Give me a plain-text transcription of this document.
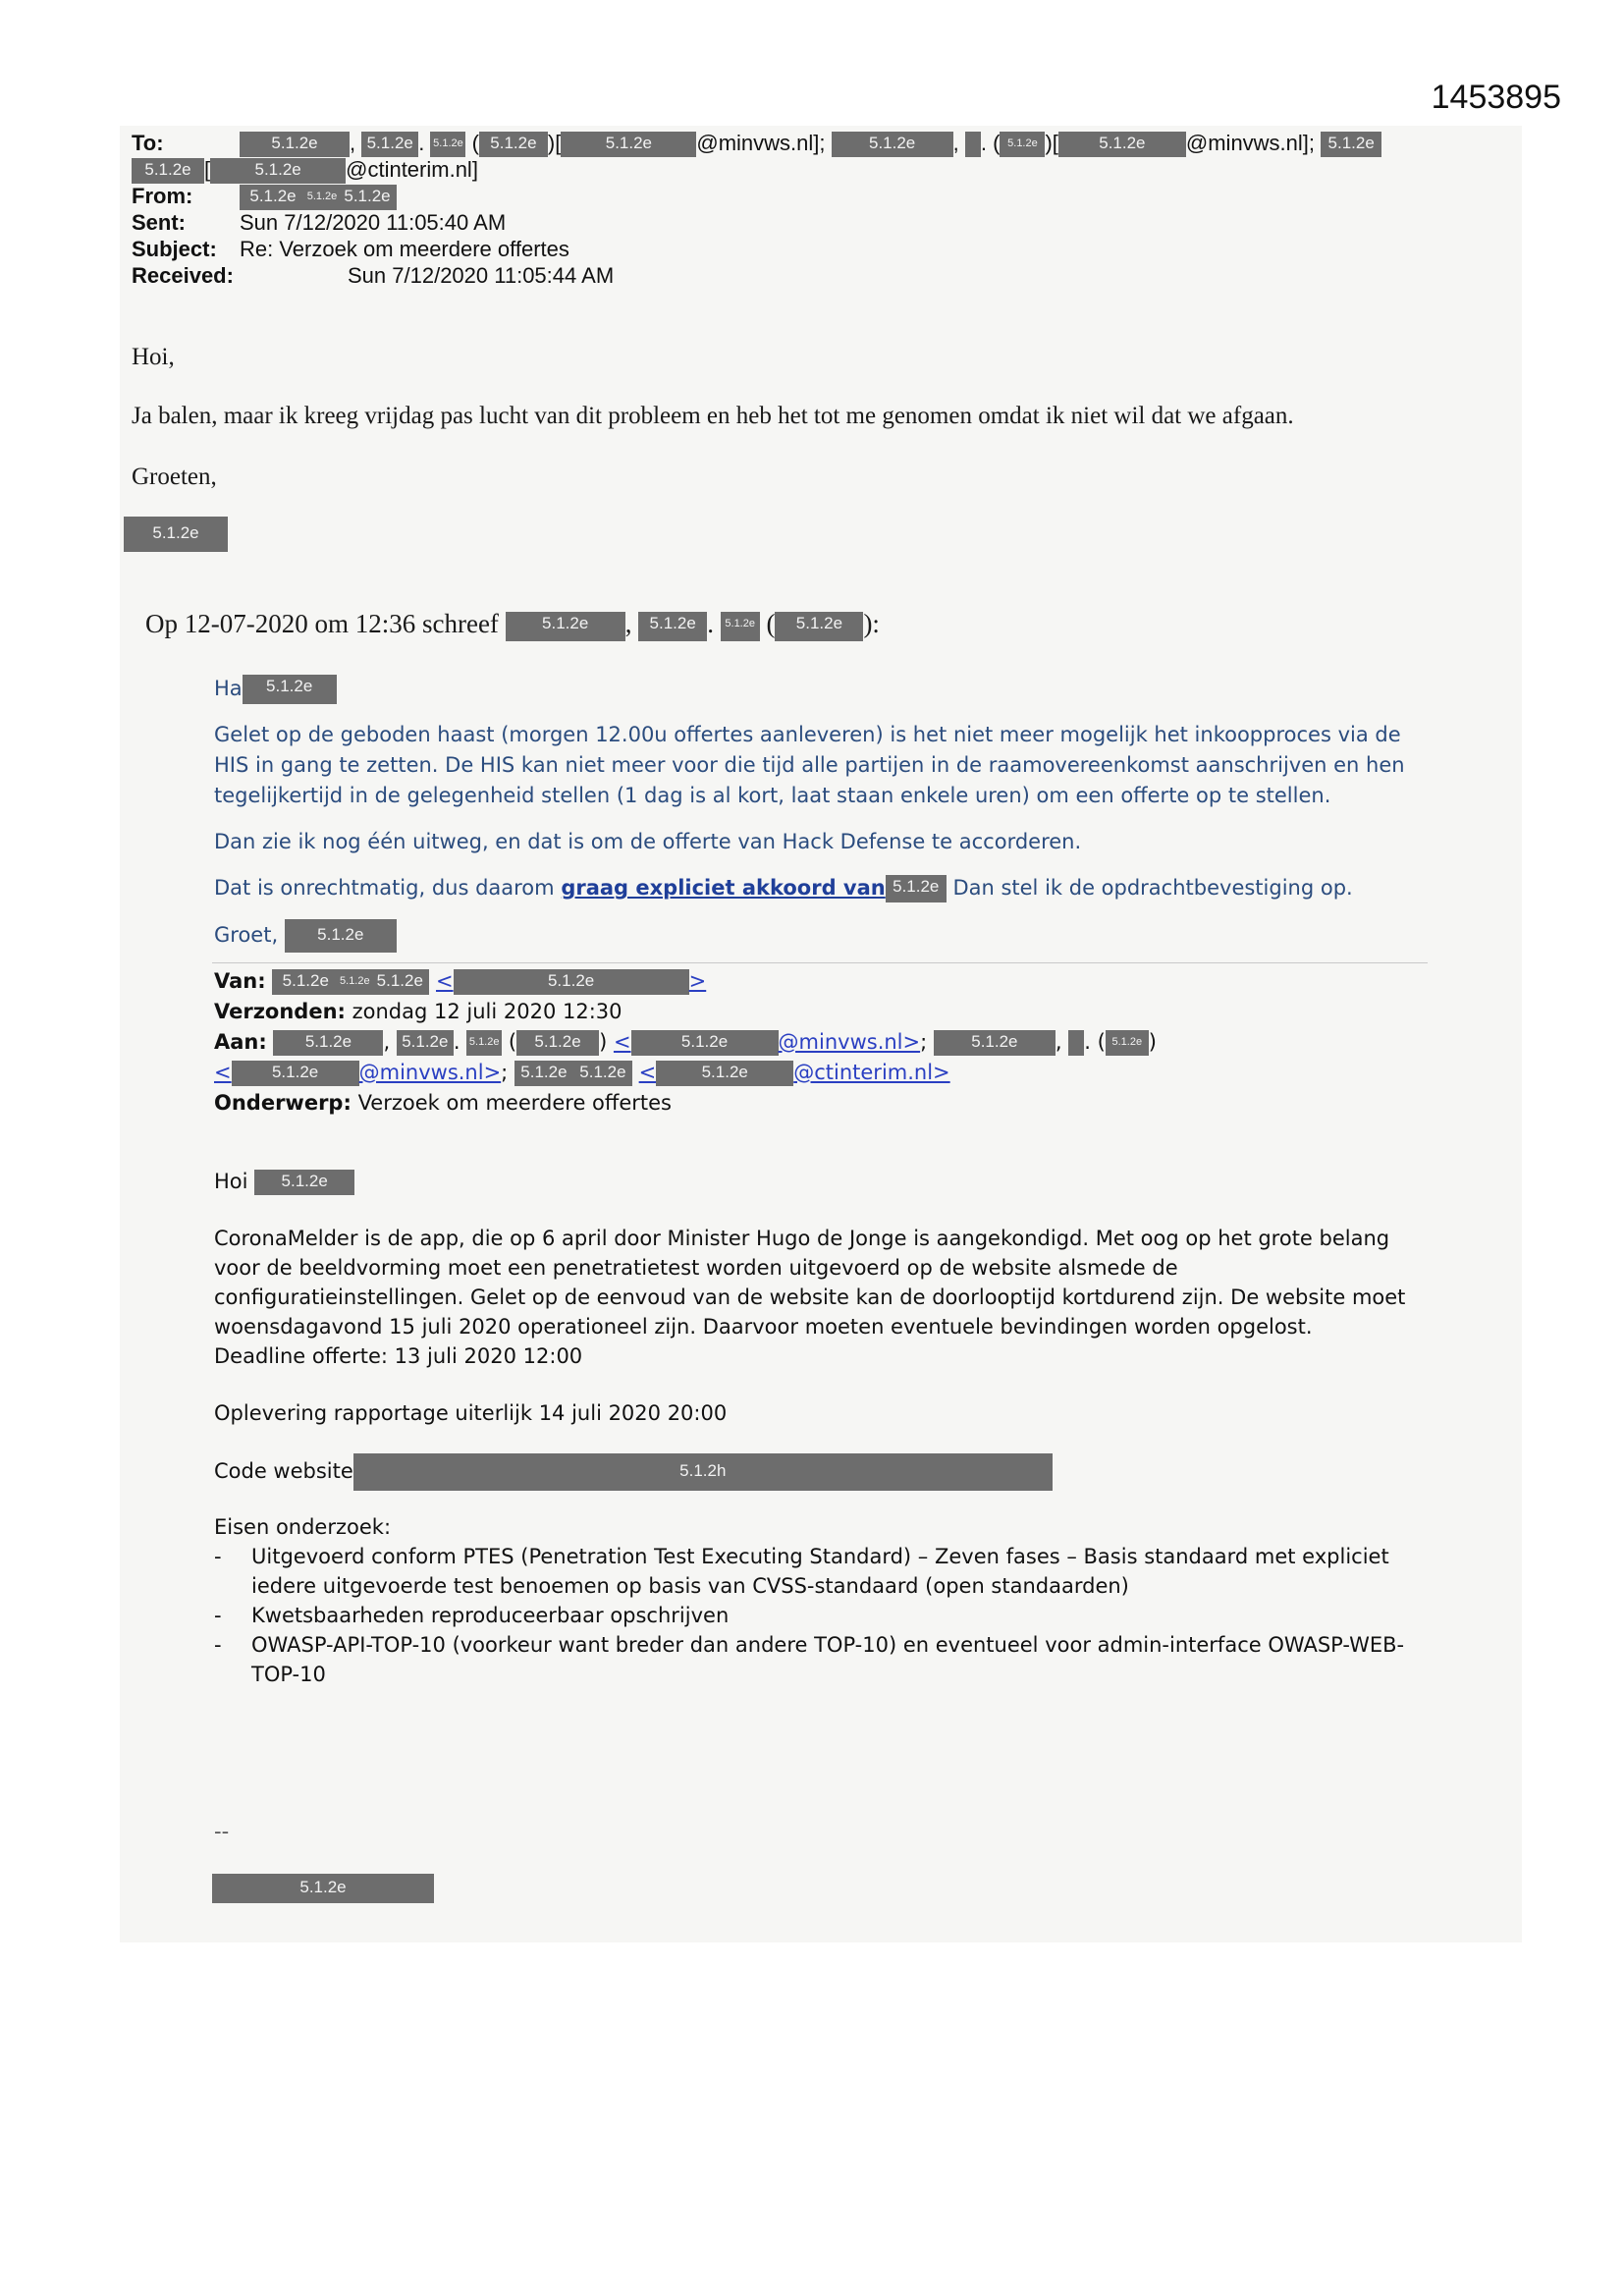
1453895
To:	5.1.2e , 5.1.2e . 5.1.2e ( 5.1.2e )[	5.1.2e @minvws.nl];	5.1.2e , . ( 5.1.2e )[ 5.1.2e @minvws.nl]; 5.1.2e
5.1.2e [	5.1.2e @ctinterim.nl]
From:	5.1.2e 5.1.2e 5.1.2e
Sent:	Sun 7/12/2020 11:05:40 AM
Subject: Re: Verzoek om meerdere offertes
Received:	Sun 7/12/2020 11:05:44 AM
Hoi,
Ja balen, maar ik kreeg vrijdag pas lucht van dit probleem en heb het tot me genomen omdat ik niet wil dat we afgaan.
Groeten,
5.1.2e
Op 12-07-2020 om 12:36 schreef	5.1.2e , 5.1.2e . 5.1.2e ( 5.1.2e ):
Ha 5.1.2e
Gelet op de geboden haast (morgen 12.00u offertes aanleveren) is het niet meer mogelijk het inkoopproces via de HIS in gang te zetten. De HIS kan niet meer voor die tijd alle partijen in de raamovereenkomst aanschrijven en hen tegelijkertijd in de gelegenheid stellen (1 dag is al kort, laat staan enkele uren) om een offerte op te stellen.
Dan zie ik nog één uitweg, en dat is om de offerte van Hack Defense te accorderen.
Dat is onrechtmatig, dus daarom graag expliciet akkoord van 5.1.2e Dan stel ik de opdrachtbevestiging op.
Groet, 5.1.2e
Van: 5.1.2e 5.1.2e 5.1.2e <	5.1.2e	>
Verzonden: zondag 12 juli 2020 12:30
Aan: 5.1.2e , 5.1.2e . 5.1.2e ( 5.1.2e ) <	5.1.2e @minvws.nl>; 5.1.2e , . ( 5.1.2e )
< 5.1.2e @minvws.nl>; 5.1.2e 5.1.2e <	5.1.2e @ctinterim.nl>
Onderwerp: Verzoek om meerdere offertes
Hoi 5.1.2e
CoronaMelder is de app, die op 6 april door Minister Hugo de Jonge is aangekondigd. Met oog op het grote belang voor de beeldvorming moet een penetratietest worden uitgevoerd op de website alsmede de configuratieinstellingen. Gelet op de eenvoud van de website kan de doorlooptijd kortdurend zijn. De website moet woensdagavond 15 juli 2020 operationeel zijn. Daarvoor moeten eventuele bevindingen worden opgelost.
Deadline offerte: 13 juli 2020 12:00
Oplevering rapportage uiterlijk 14 juli 2020 20:00
Code website	5.1.2h
Eisen onderzoek:
-	Uitgevoerd conform PTES (Penetration Test Executing Standard) – Zeven fases – Basis standaard met expliciet iedere uitgevoerde test benoemen op basis van CVSS-standaard (open standaarden)
-	Kwetsbaarheden reproduceerbaar opschrijven
-	OWASP-API-TOP-10 (voorkeur want breder dan andere TOP-10) en eventueel voor admin-interface OWASP-WEB-TOP-10
--
5.1.2e
